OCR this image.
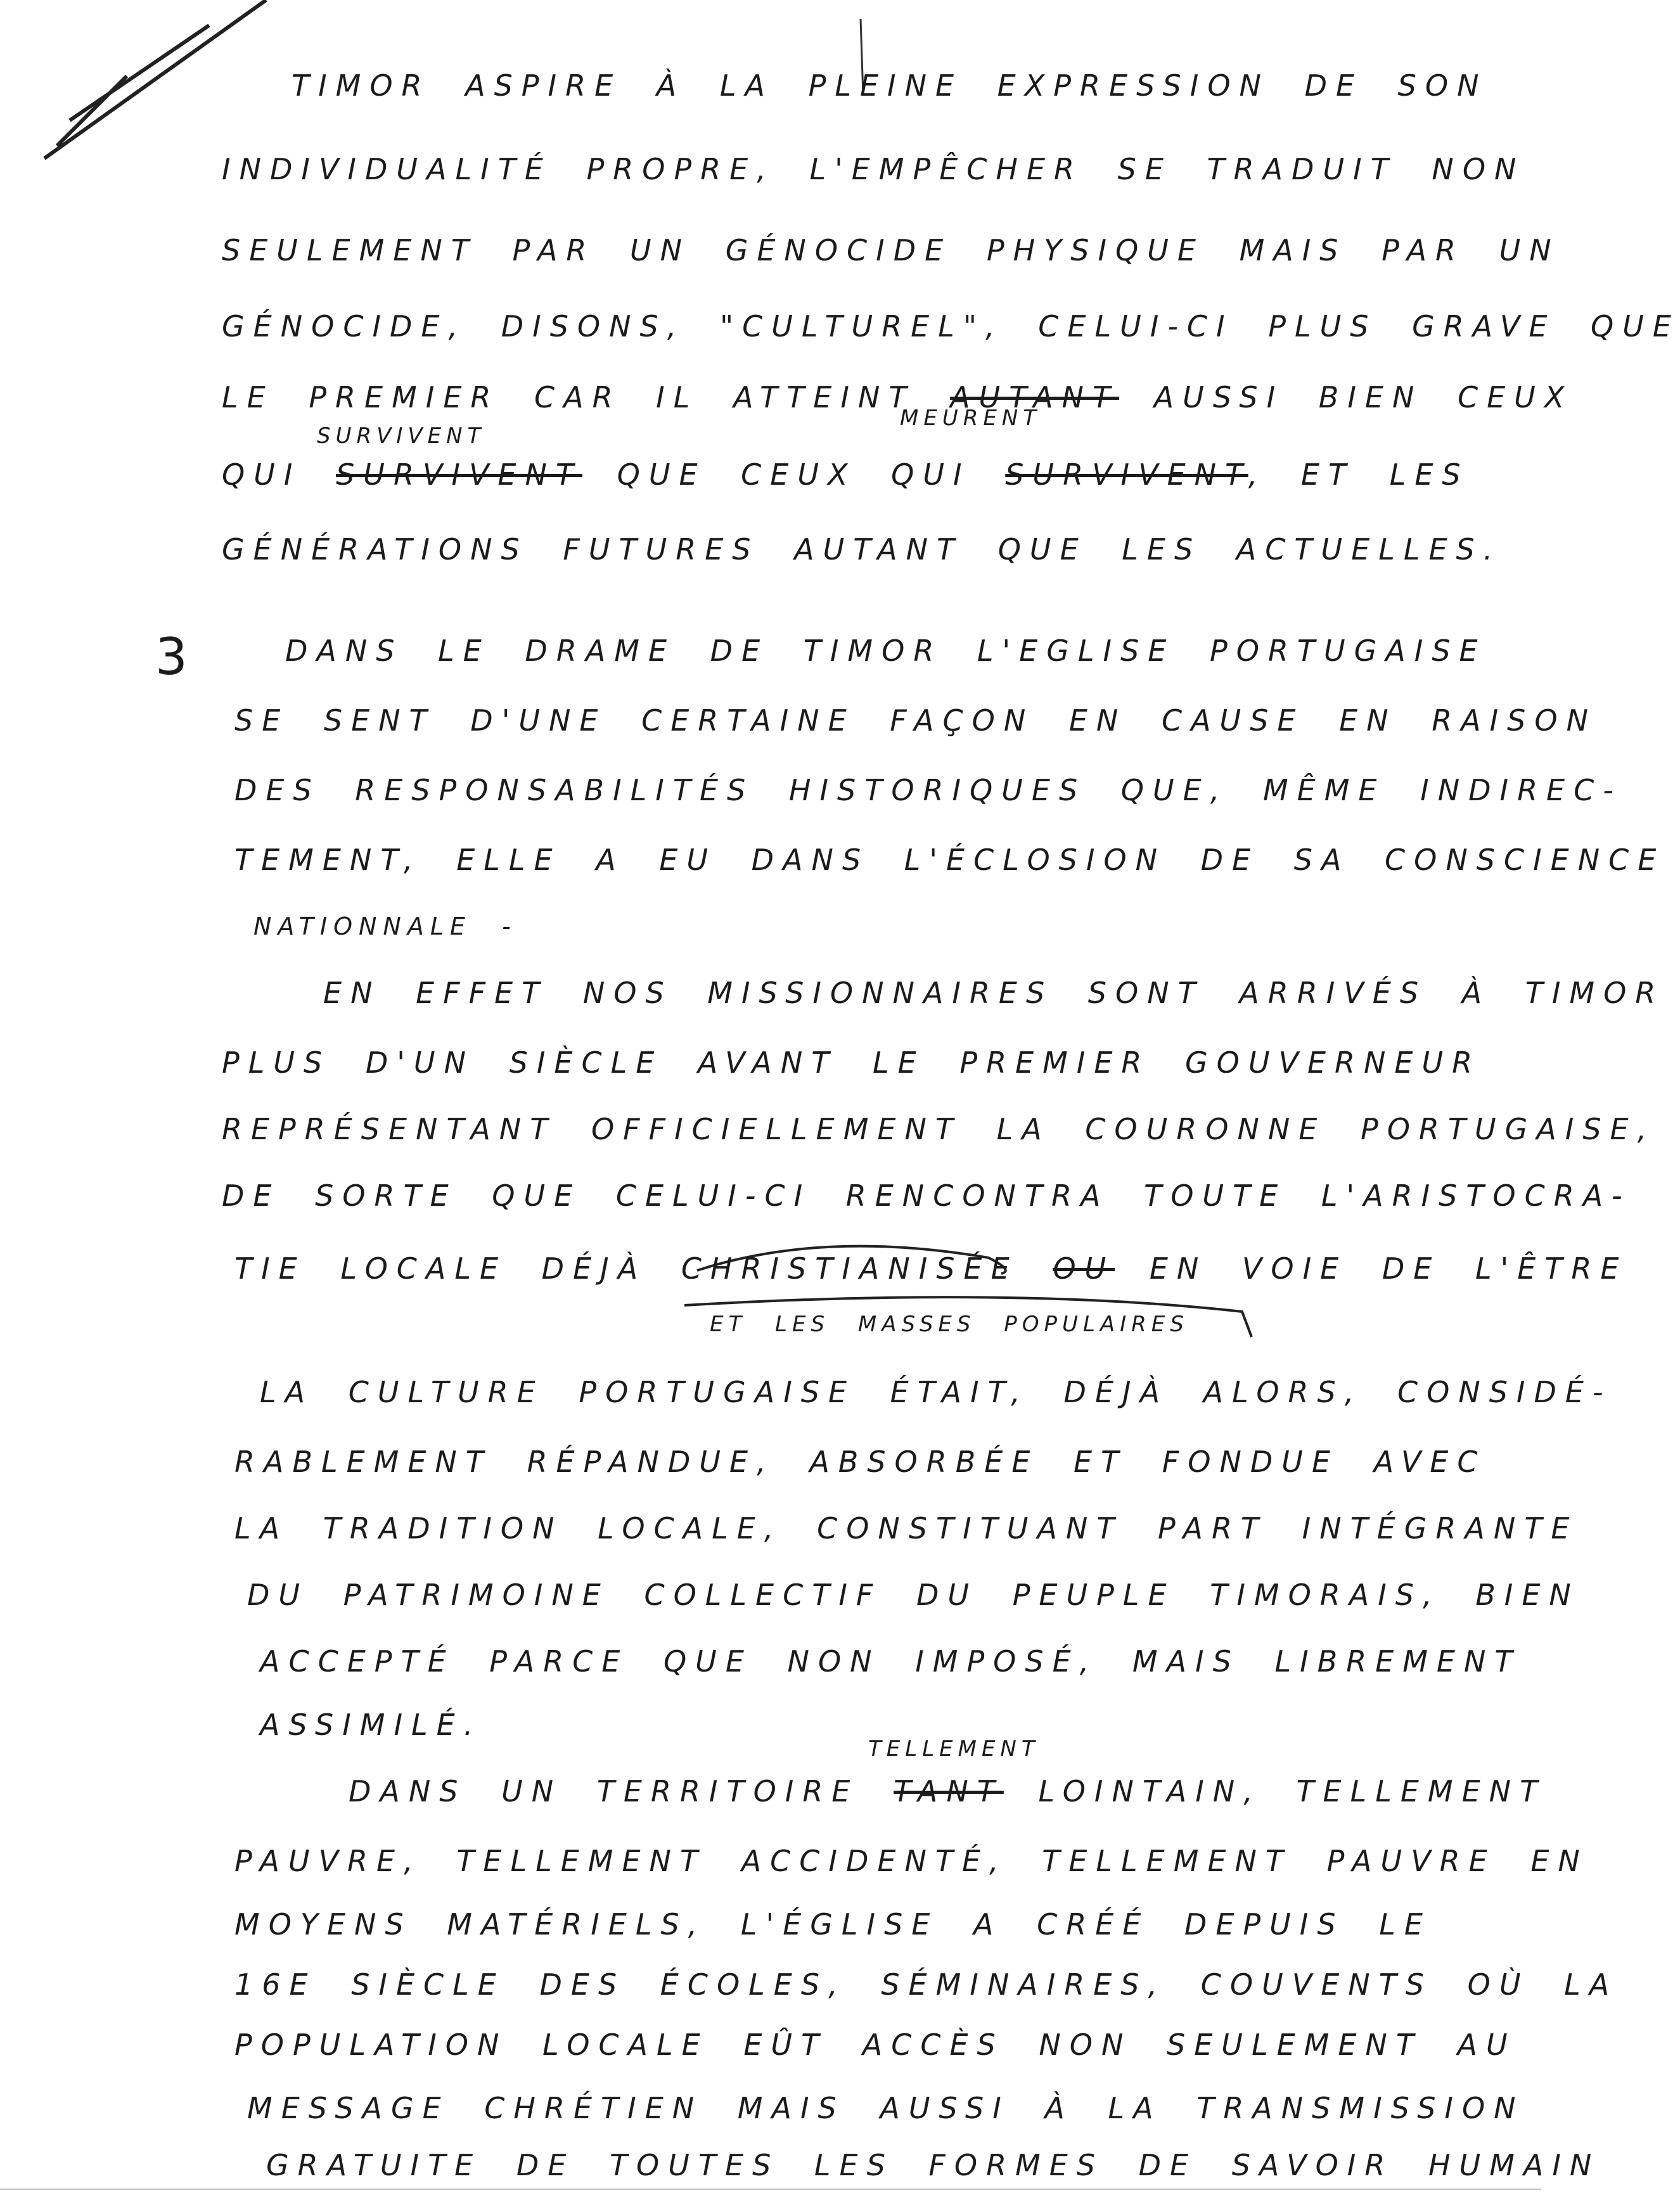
TIMOR ASPIRE À LA PLEINE EXPRESSION DE SON
INDIVIDUALITÉ PROPRE, L'EMPÊCHER SE TRADUIT NON
SEULEMENT PAR UN GÉNOCIDE PHYSIQUE MAIS PAR UN
GÉNOCIDE, DISONS, "CULTUREL", CELUI-CI PLUS GRAVE QUE
LE PREMIER CAR IL ATTEINT AUTANT AUSSI BIEN CEUX
SURVIVENT
MEURENT
QUI SURVIVENT QUE CEUX QUI SURVIVENT, ET LES
GÉNÉRATIONS FUTURES AUTANT QUE LES ACTUELLES.
3	DANS LE DRAME DE TIMOR L'EGLISE PORTUGAISE
SE SENT D'UNE CERTAINE FAÇON EN CAUSE EN RAISON
DES RESPONSABILITÉS HISTORIQUES QUE, MÊME INDIREC-
TEMENT, ELLE A EU DANS L'ÉCLOSION DE SA CONSCIENCE
NATIONNALE -
EN EFFET NOS MISSIONNAIRES SONT ARRIVÉS À TIMOR
PLUS D'UN SIÈCLE AVANT LE PREMIER GOUVERNEUR
REPRÉSENTANT OFFICIELLEMENT LA COURONNE PORTUGAISE,
DE SORTE QUE CELUI-CI RENCONTRA TOUTE L'ARISTOCRA-
TIE LOCALE DÉJÀ CHRISTIANISÉE OU EN VOIE DE L'ÊTRE
ET LES MASSES POPULAIRES
LA CULTURE PORTUGAISE ÉTAIT, DÉJÀ ALORS, CONSIDÉ-
RABLEMENT RÉPANDUE, ABSORBÉE ET FONDUE AVEC
LA TRADITION LOCALE, CONSTITUANT PART INTÉGRANTE
DU PATRIMOINE COLLECTIF DU PEUPLE TIMORAIS, BIEN
ACCEPTÉ PARCE QUE NON IMPOSÉ, MAIS LIBREMENT
ASSIMILÉ.
TELLEMENT
DANS UN TERRITOIRE TANT LOINTAIN, TELLEMENT
PAUVRE, TELLEMENT ACCIDENTÉ, TELLEMENT PAUVRE EN
MOYENS MATÉRIELS, L'ÉGLISE A CRÉÉ DEPUIS LE
16E SIÈCLE DES ÉCOLES, SÉMINAIRES, COUVENTS OÙ LA
POPULATION LOCALE EÛT ACCÈS NON SEULEMENT AU
MESSAGE CHRÉTIEN MAIS AUSSI À LA TRANSMISSION
GRATUITE DE TOUTES LES FORMES DE SAVOIR HUMAIN
